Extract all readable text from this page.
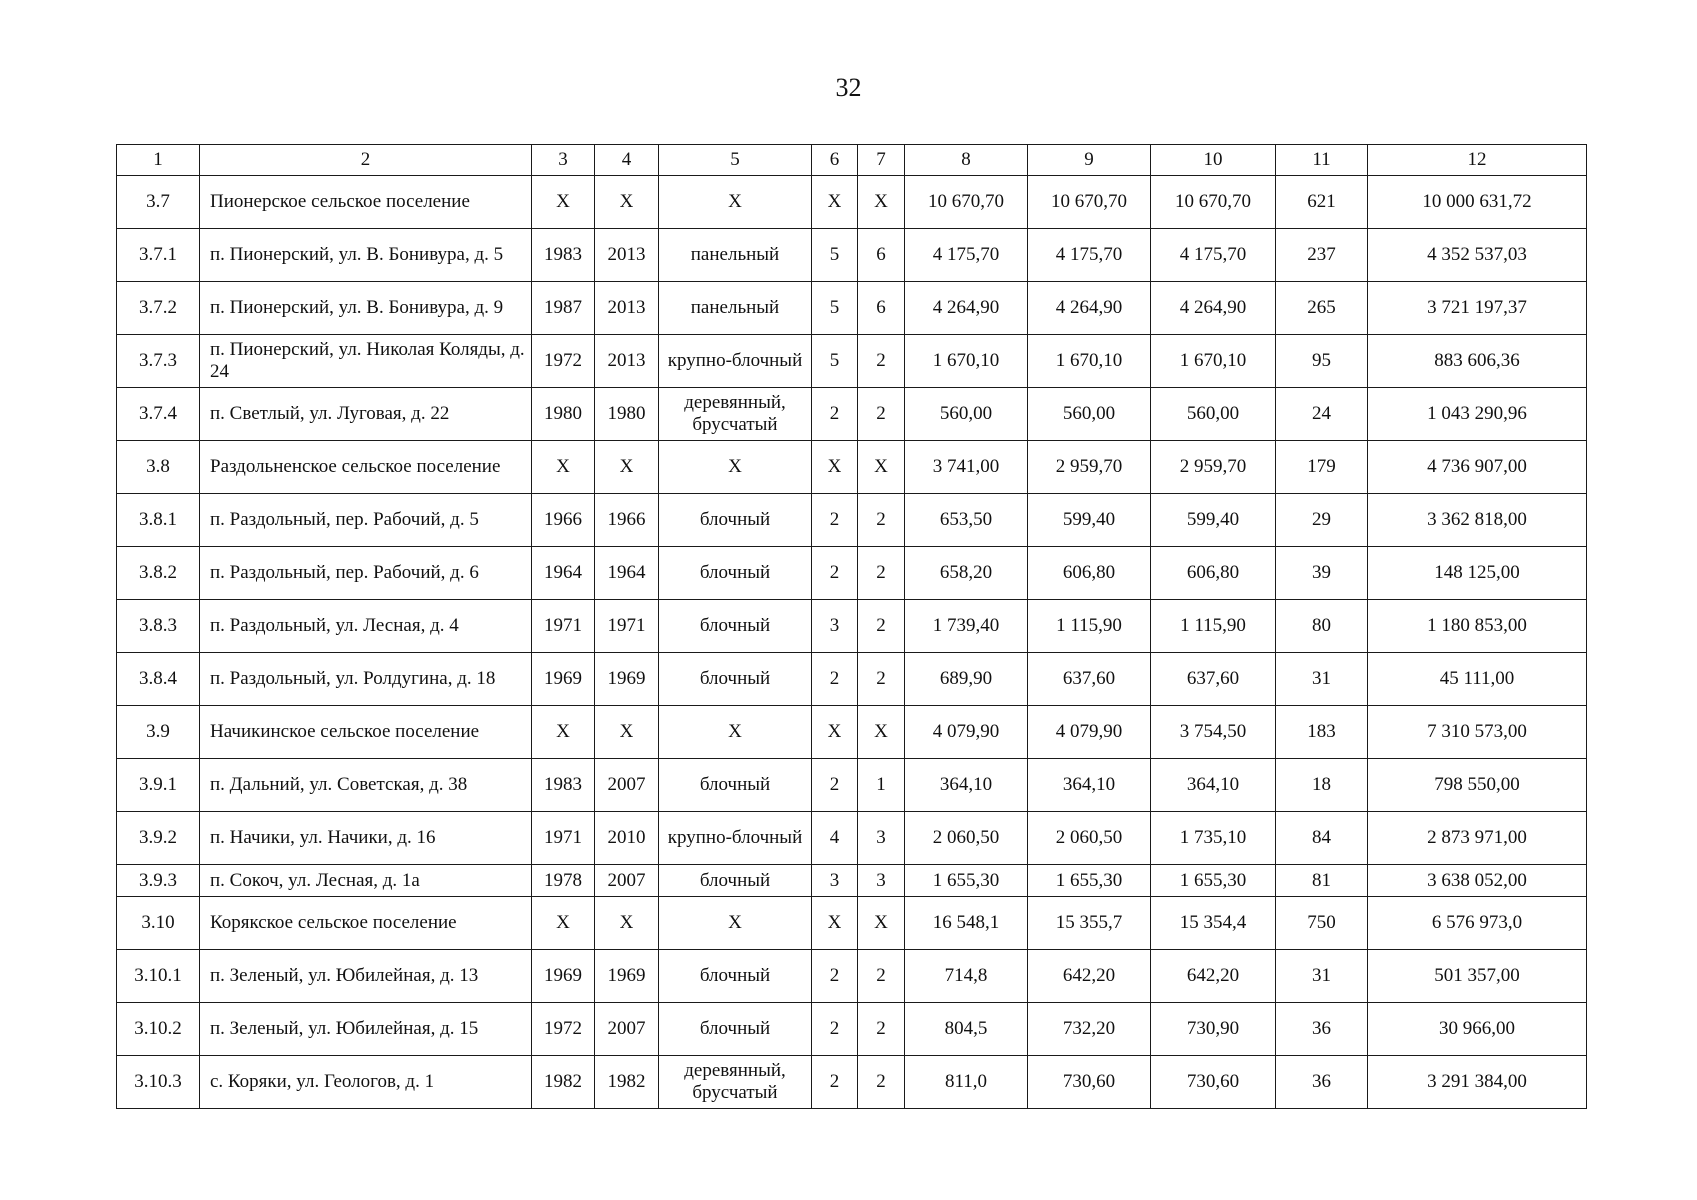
32
1	2	3	4	5	6	7	8	9	10	11	12
3.7	Пионерское сельское поселение	Х	Х	Х	Х	Х	10 670,70	10 670,70	10 670,70	621	10 000 631,72
3.7.1	п. Пионерский, ул. В. Бонивура, д. 5	1983	2013	панельный	5	6	4 175,70	4 175,70	4 175,70	237	4 352 537,03
3.7.2	п. Пионерский, ул. В. Бонивура, д. 9	1987	2013	панельный	5	6	4 264,90	4 264,90	4 264,90	265	3 721 197,37
3.7.3	п. Пионерский, ул. Николая Коляды, д. 24	1972	2013	крупно-блочный	5	2	1 670,10	1 670,10	1 670,10	95	883 606,36
3.7.4	п. Светлый, ул. Луговая, д. 22	1980	1980	деревянный, брусчатый	2	2	560,00	560,00	560,00	24	1 043 290,96
3.8	Раздольненское сельское поселение	Х	Х	Х	Х	Х	3 741,00	2 959,70	2 959,70	179	4 736 907,00
3.8.1	п. Раздольный, пер. Рабочий, д. 5	1966	1966	блочный	2	2	653,50	599,40	599,40	29	3 362 818,00
3.8.2	п. Раздольный, пер. Рабочий, д. 6	1964	1964	блочный	2	2	658,20	606,80	606,80	39	148 125,00
3.8.3	п. Раздольный, ул. Лесная, д. 4	1971	1971	блочный	3	2	1 739,40	1 115,90	1 115,90	80	1 180 853,00
3.8.4	п. Раздольный, ул. Ролдугина, д. 18	1969	1969	блочный	2	2	689,90	637,60	637,60	31	45 111,00
3.9	Начикинское сельское поселение	Х	Х	Х	Х	Х	4 079,90	4 079,90	3 754,50	183	7 310 573,00
3.9.1	п. Дальний, ул. Советская, д. 38	1983	2007	блочный	2	1	364,10	364,10	364,10	18	798 550,00
3.9.2	п. Начики, ул. Начики, д. 16	1971	2010	крупно-блочный	4	3	2 060,50	2 060,50	1 735,10	84	2 873 971,00
3.9.3	п. Сокоч, ул. Лесная, д. 1а	1978	2007	блочный	3	3	1 655,30	1 655,30	1 655,30	81	3 638 052,00
3.10	Корякское сельское поселение	Х	Х	Х	Х	Х	16 548,1	15 355,7	15 354,4	750	6 576 973,0
3.10.1	п. Зеленый, ул. Юбилейная, д. 13	1969	1969	блочный	2	2	714,8	642,20	642,20	31	501 357,00
3.10.2	п. Зеленый, ул. Юбилейная, д. 15	1972	2007	блочный	2	2	804,5	732,20	730,90	36	30 966,00
3.10.3	с. Коряки, ул. Геологов, д. 1	1982	1982	деревянный, брусчатый	2	2	811,0	730,60	730,60	36	3 291 384,00
